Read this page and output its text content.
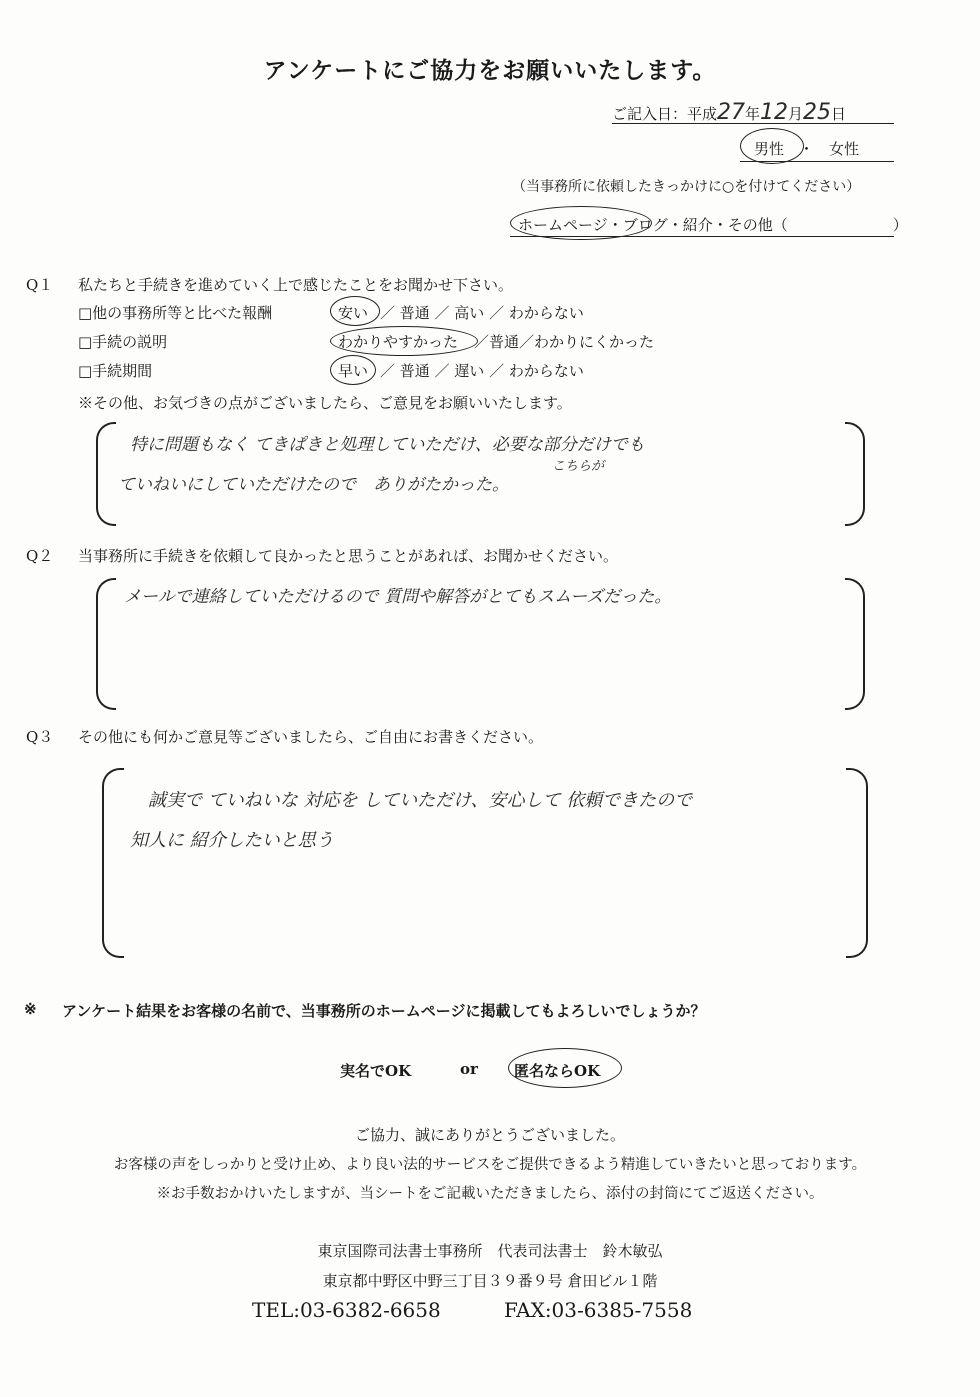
アンケートにご協力をお願いいたします。
ご記入日：平成27年12月25日
男性　・　女性
（当事務所に依頼したきっかけに○を付けてください）
ホームページ・ブログ・紹介・その他（　　　　　　　）
Q１ 私たちと手続きを進めていく上で感じたことをお聞かせ下さい。
□他の事務所等と比べた報酬	安い ／ 普通 ／ 高い ／ わからない
□手続の説明	わかりやすかった ／普通／わかりにくかった
□手続期間	早い ／ 普通 ／ 遅い ／ わからない
※その他、お気づきの点がございましたら、ご意見をお願いいたします。
特に問題もなく てきぱきと処理していただけ、必要な部分だけでも
こちらが
ていねいにしていただけたので　ありがたかった。
Q２ 当事務所に手続きを依頼して良かったと思うことがあれば、お聞かせください。
メールで連絡していただけるので 質問や解答がとてもスムーズだった。
Q３ その他にも何かご意見等ございましたら、ご自由にお書きください。
誠実で ていねいな 対応を していただけ、安心して 依頼できたので
知人に 紹介したいと思う
※ アンケート結果をお客様の名前で、当事務所のホームページに掲載してもよろしいでしょうか？
実名でOK	or 匿名ならOK
ご協力、誠にありがとうございました。
お客様の声をしっかりと受け止め、より良い法的サービスをご提供できるよう精進していきたいと思っております。
※お手数おかけいたしますが、当シートをご記載いただきましたら、添付の封筒にてご返送ください。
東京国際司法書士事務所　代表司法書士　鈴木敏弘
東京都中野区中野三丁目３９番９号 倉田ビル１階
TEL:03-6382-6658	FAX:03-6385-7558
